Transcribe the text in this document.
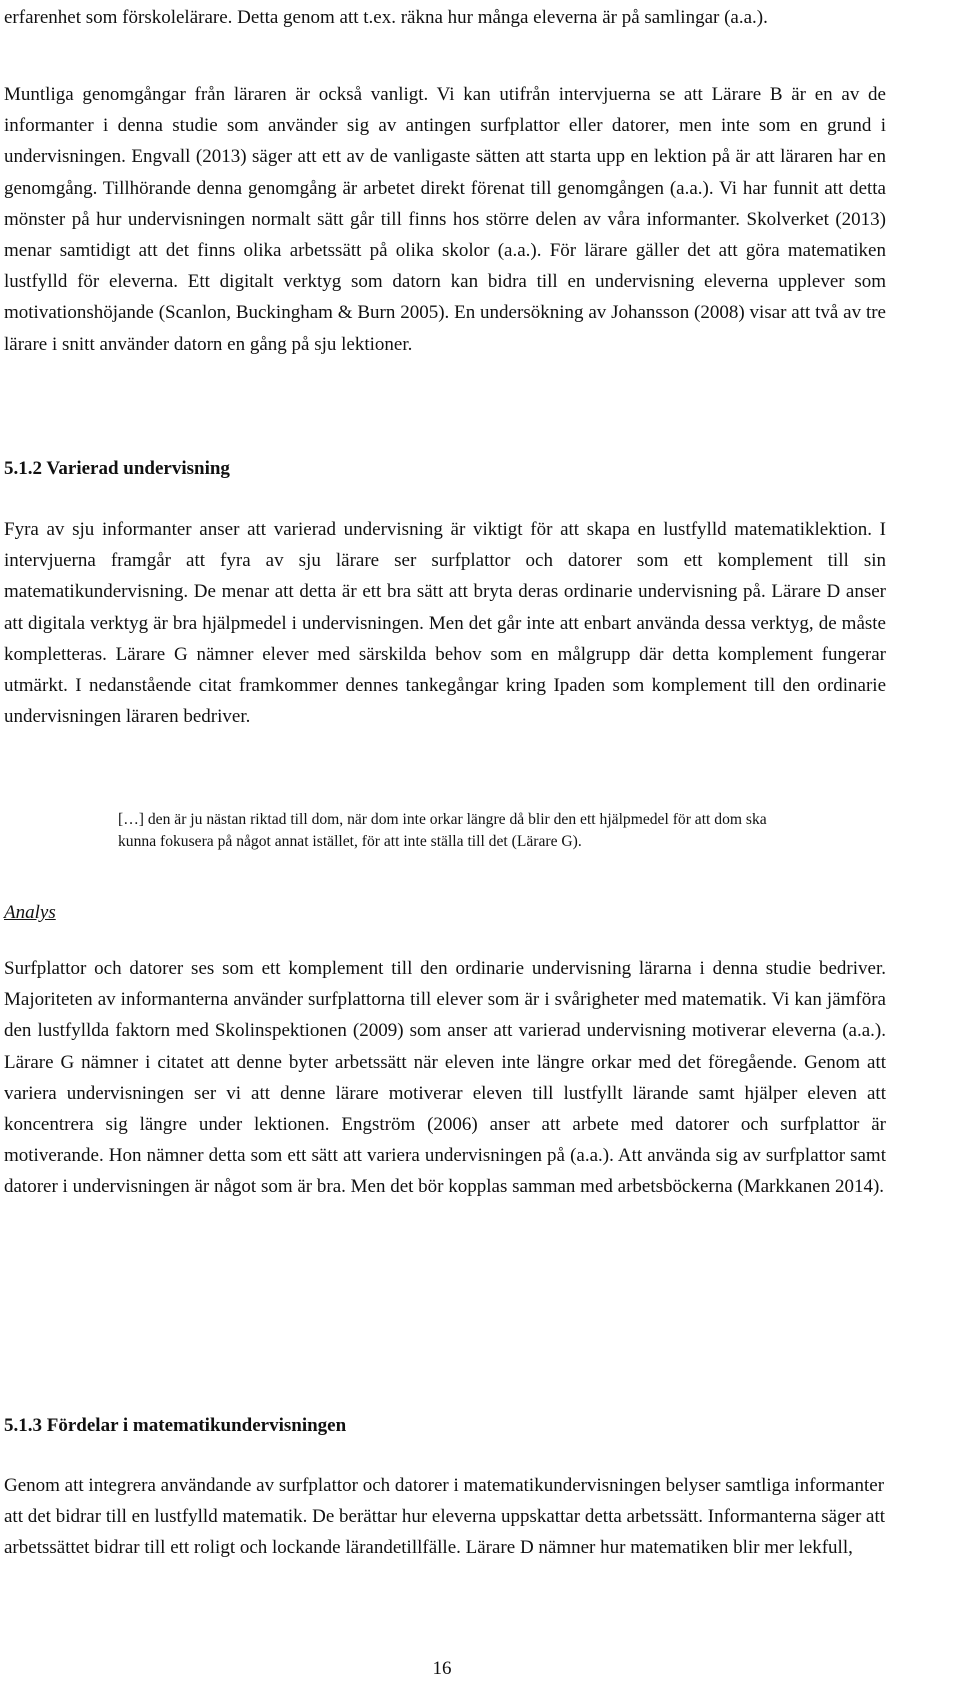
erfarenhet som förskolelärare. Detta genom att t.ex. räkna hur många eleverna är på samlingar (a.a.).

Muntliga genomgångar från läraren är också vanligt. Vi kan utifrån intervjuerna se att Lärare B är en av de informanter i denna studie som använder sig av antingen surfplattor eller datorer, men inte som en grund i undervisningen. Engvall (2013) säger att ett av de vanligaste sätten att starta upp en lektion på är att läraren har en genomgång. Tillhörande denna genomgång är arbetet direkt förenat till genomgången (a.a.). Vi har funnit att detta mönster på hur undervisningen normalt sätt går till finns hos större delen av våra informanter. Skolverket (2013) menar samtidigt att det finns olika arbetssätt på olika skolor (a.a.). För lärare gäller det att göra matematiken lustfylld för eleverna. Ett digitalt verktyg som datorn kan bidra till en undervisning eleverna upplever som motivationshöjande (Scanlon, Buckingham & Burn 2005). En undersökning av Johansson (2008) visar att två av tre lärare i snitt använder datorn en gång på sju lektioner.

5.1.2 Varierad undervisning

Fyra av sju informanter anser att varierad undervisning är viktigt för att skapa en lustfylld matematiklektion. I intervjuerna framgår att fyra av sju lärare ser surfplattor och datorer som ett komplement till sin matematikundervisning. De menar att detta är ett bra sätt att bryta deras ordinarie undervisning på. Lärare D anser att digitala verktyg är bra hjälpmedel i undervisningen. Men det går inte att enbart använda dessa verktyg, de måste kompletteras. Lärare G nämner elever med särskilda behov som en målgrupp där detta komplement fungerar utmärkt. I nedanstående citat framkommer dennes tankegångar kring Ipaden som komplement till den ordinarie undervisningen läraren bedriver.

[…] den är ju nästan riktad till dom, när dom inte orkar längre då blir den ett hjälpmedel för att dom ska kunna fokusera på något annat istället, för att inte ställa till det (Lärare G).

Analys

Surfplattor och datorer ses som ett komplement till den ordinarie undervisning lärarna i denna studie bedriver. Majoriteten av informanterna använder surfplattorna till elever som är i svårigheter med matematik. Vi kan jämföra den lustfyllda faktorn med Skolinspektionen (2009) som anser att varierad undervisning motiverar eleverna (a.a.). Lärare G nämner i citatet att denne byter arbetssätt när eleven inte längre orkar med det föregående. Genom att variera undervisningen ser vi att denne lärare motiverar eleven till lustfyllt lärande samt hjälper eleven att koncentrera sig längre under lektionen. Engström (2006) anser att arbete med datorer och surfplattor är motiverande. Hon nämner detta som ett sätt att variera undervisningen på (a.a.). Att använda sig av surfplattor samt datorer i undervisningen är något som är bra. Men det bör kopplas samman med arbetsböckerna (Markkanen 2014).

5.1.3 Fördelar i matematikundervisningen

Genom att integrera användande av surfplattor och datorer i matematikundervisningen belyser samtliga informanter att det bidrar till en lustfylld matematik. De berättar hur eleverna uppskattar detta arbetssätt. Informanterna säger att arbetssättet bidrar till ett roligt och lockande lärandetillfälle. Lärare D nämner hur matematiken blir mer lekfull,

16
